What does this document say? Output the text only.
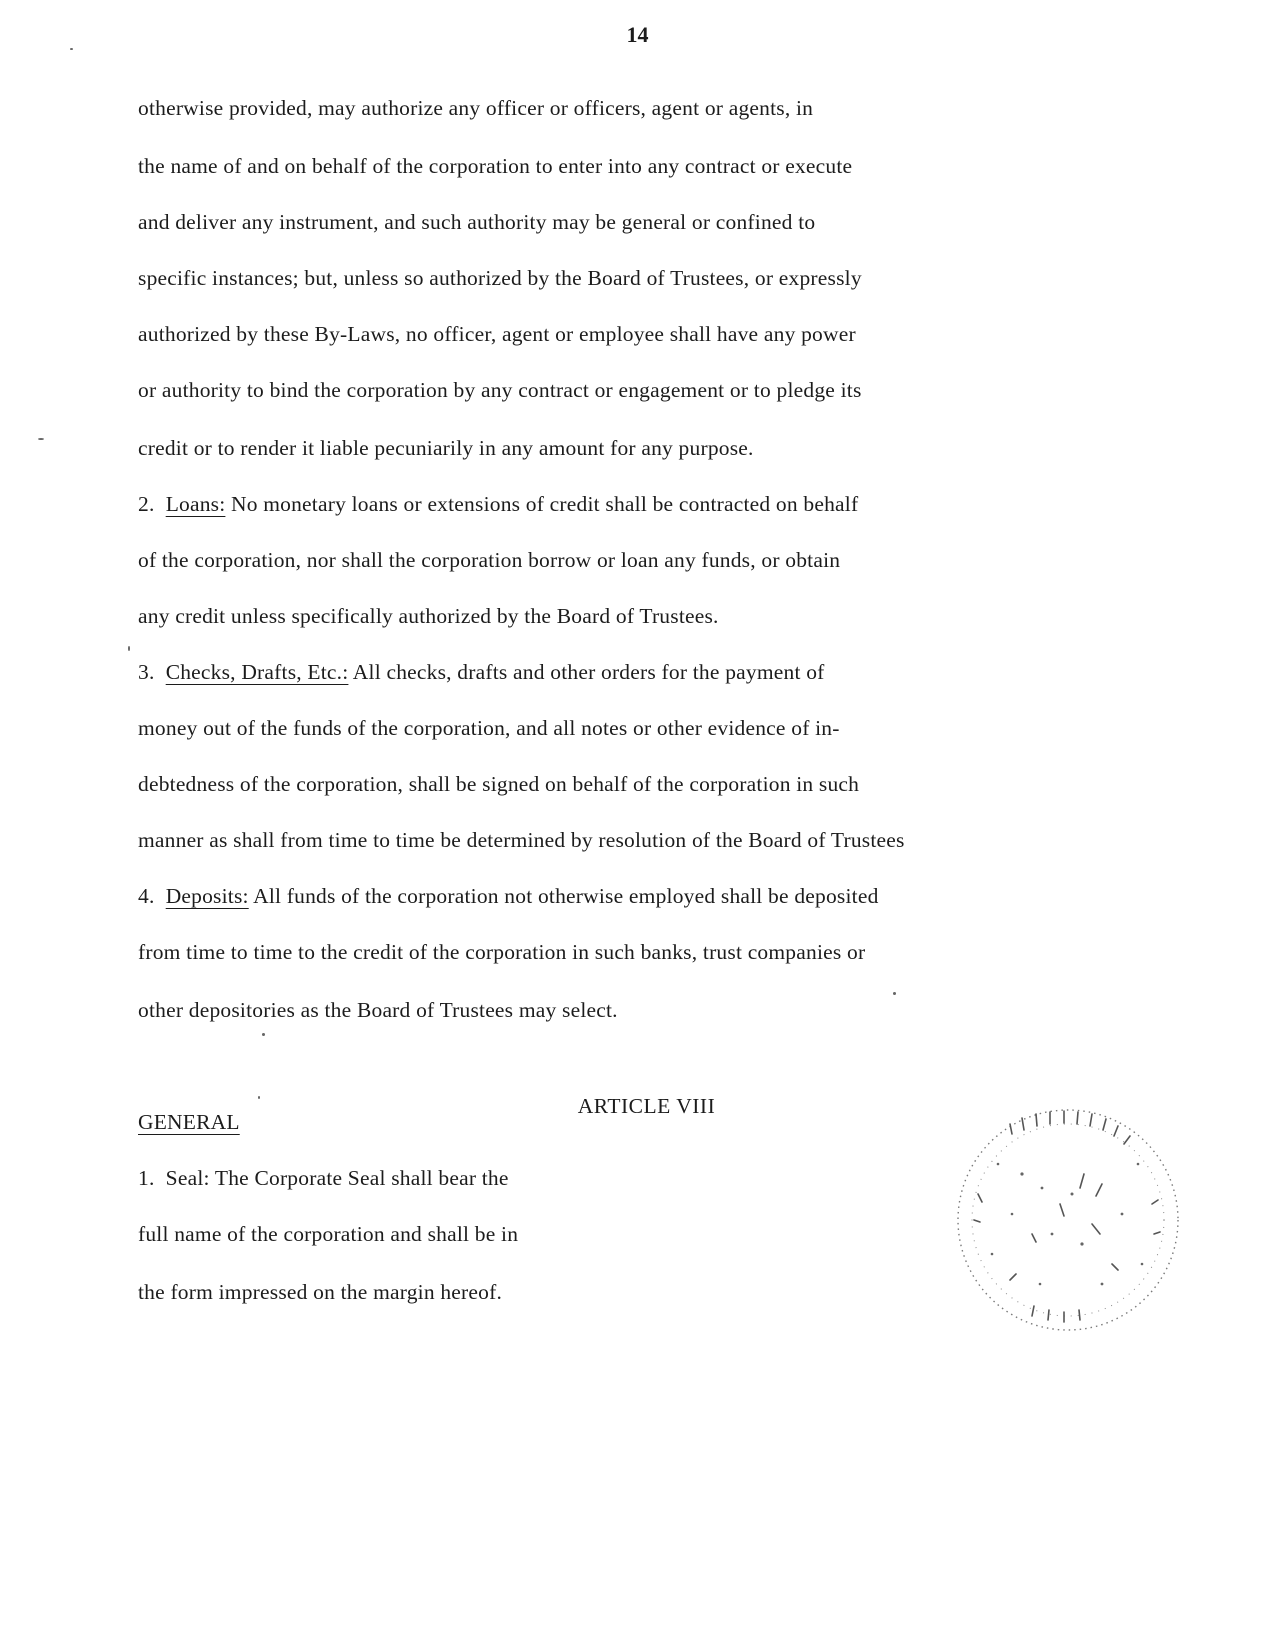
14
otherwise provided, may authorize any officer or officers, agent or agents, in
the name of and on behalf of the corporation to enter into any contract or execute
and deliver any instrument, and such authority may be general or confined to
specific instances; but, unless so authorized by the Board of Trustees, or expressly
authorized by these By-Laws, no officer, agent or employee shall have any power
or authority to bind the corporation by any contract or engagement or to pledge its
credit or to render it liable pecuniarily in any amount for any purpose.
2. Loans: No monetary loans or extensions of credit shall be contracted on behalf
of the corporation, nor shall the corporation borrow or loan any funds, or obtain
any credit unless specifically authorized by the Board of Trustees.
3. Checks, Drafts, Etc.: All checks, drafts and other orders for the payment of
money out of the funds of the corporation, and all notes or other evidence of in-
debtedness of the corporation, shall be signed on behalf of the corporation in such
manner as shall from time to time be determined by resolution of the Board of Trustees
4. Deposits: All funds of the corporation not otherwise employed shall be deposited
from time to time to the credit of the corporation in such banks, trust companies or
other depositories as the Board of Trustees may select.
ARTICLE VIII
GENERAL
1.  Seal: The Corporate Seal shall bear the
full name of the corporation and shall be in
the form impressed on the margin hereof.
